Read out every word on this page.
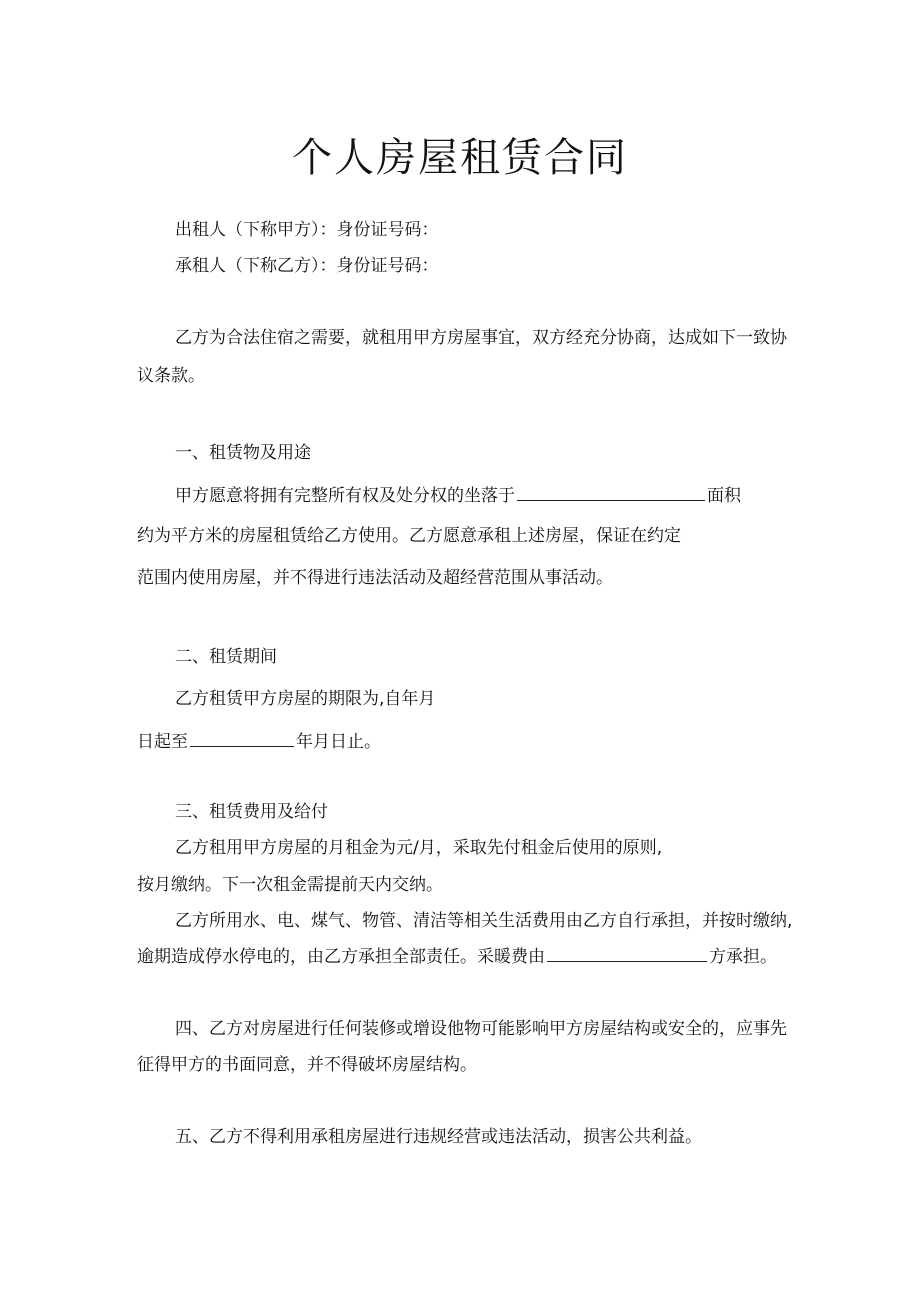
个人房屋租赁合同
出租人（下称甲方）：身份证号码：
承租人（下称乙方）：身份证号码：
乙方为合法住宿之需要，就租用甲方房屋事宜，双方经充分协商，达成如下一致协
议条款。
一、租赁物及用途
甲方愿意将拥有完整所有权及处分权的坐落于	面积
约为平方米的房屋租赁给乙方使用。乙方愿意承租上述房屋，保证在约定
范围内使用房屋，并不得进行违法活动及超经营范围从事活动。
二、租赁期间
乙方租赁甲方房屋的期限为,自年月
日起至	年月日止。
三、租赁费用及给付
乙方租用甲方房屋的月租金为元/月，采取先付租金后使用的原则,
按月缴纳。下一次租金需提前天内交纳。
乙方所用水、电、煤气、物管、清洁等相关生活费用由乙方自行承担，并按时缴纳,
逾期造成停水停电的，由乙方承担全部责任。采暖费由	方承担。
四、乙方对房屋进行任何装修或增设他物可能影响甲方房屋结构或安全的，应事先
征得甲方的书面同意，并不得破坏房屋结构。
五、乙方不得利用承租房屋进行违规经营或违法活动，损害公共利益。
